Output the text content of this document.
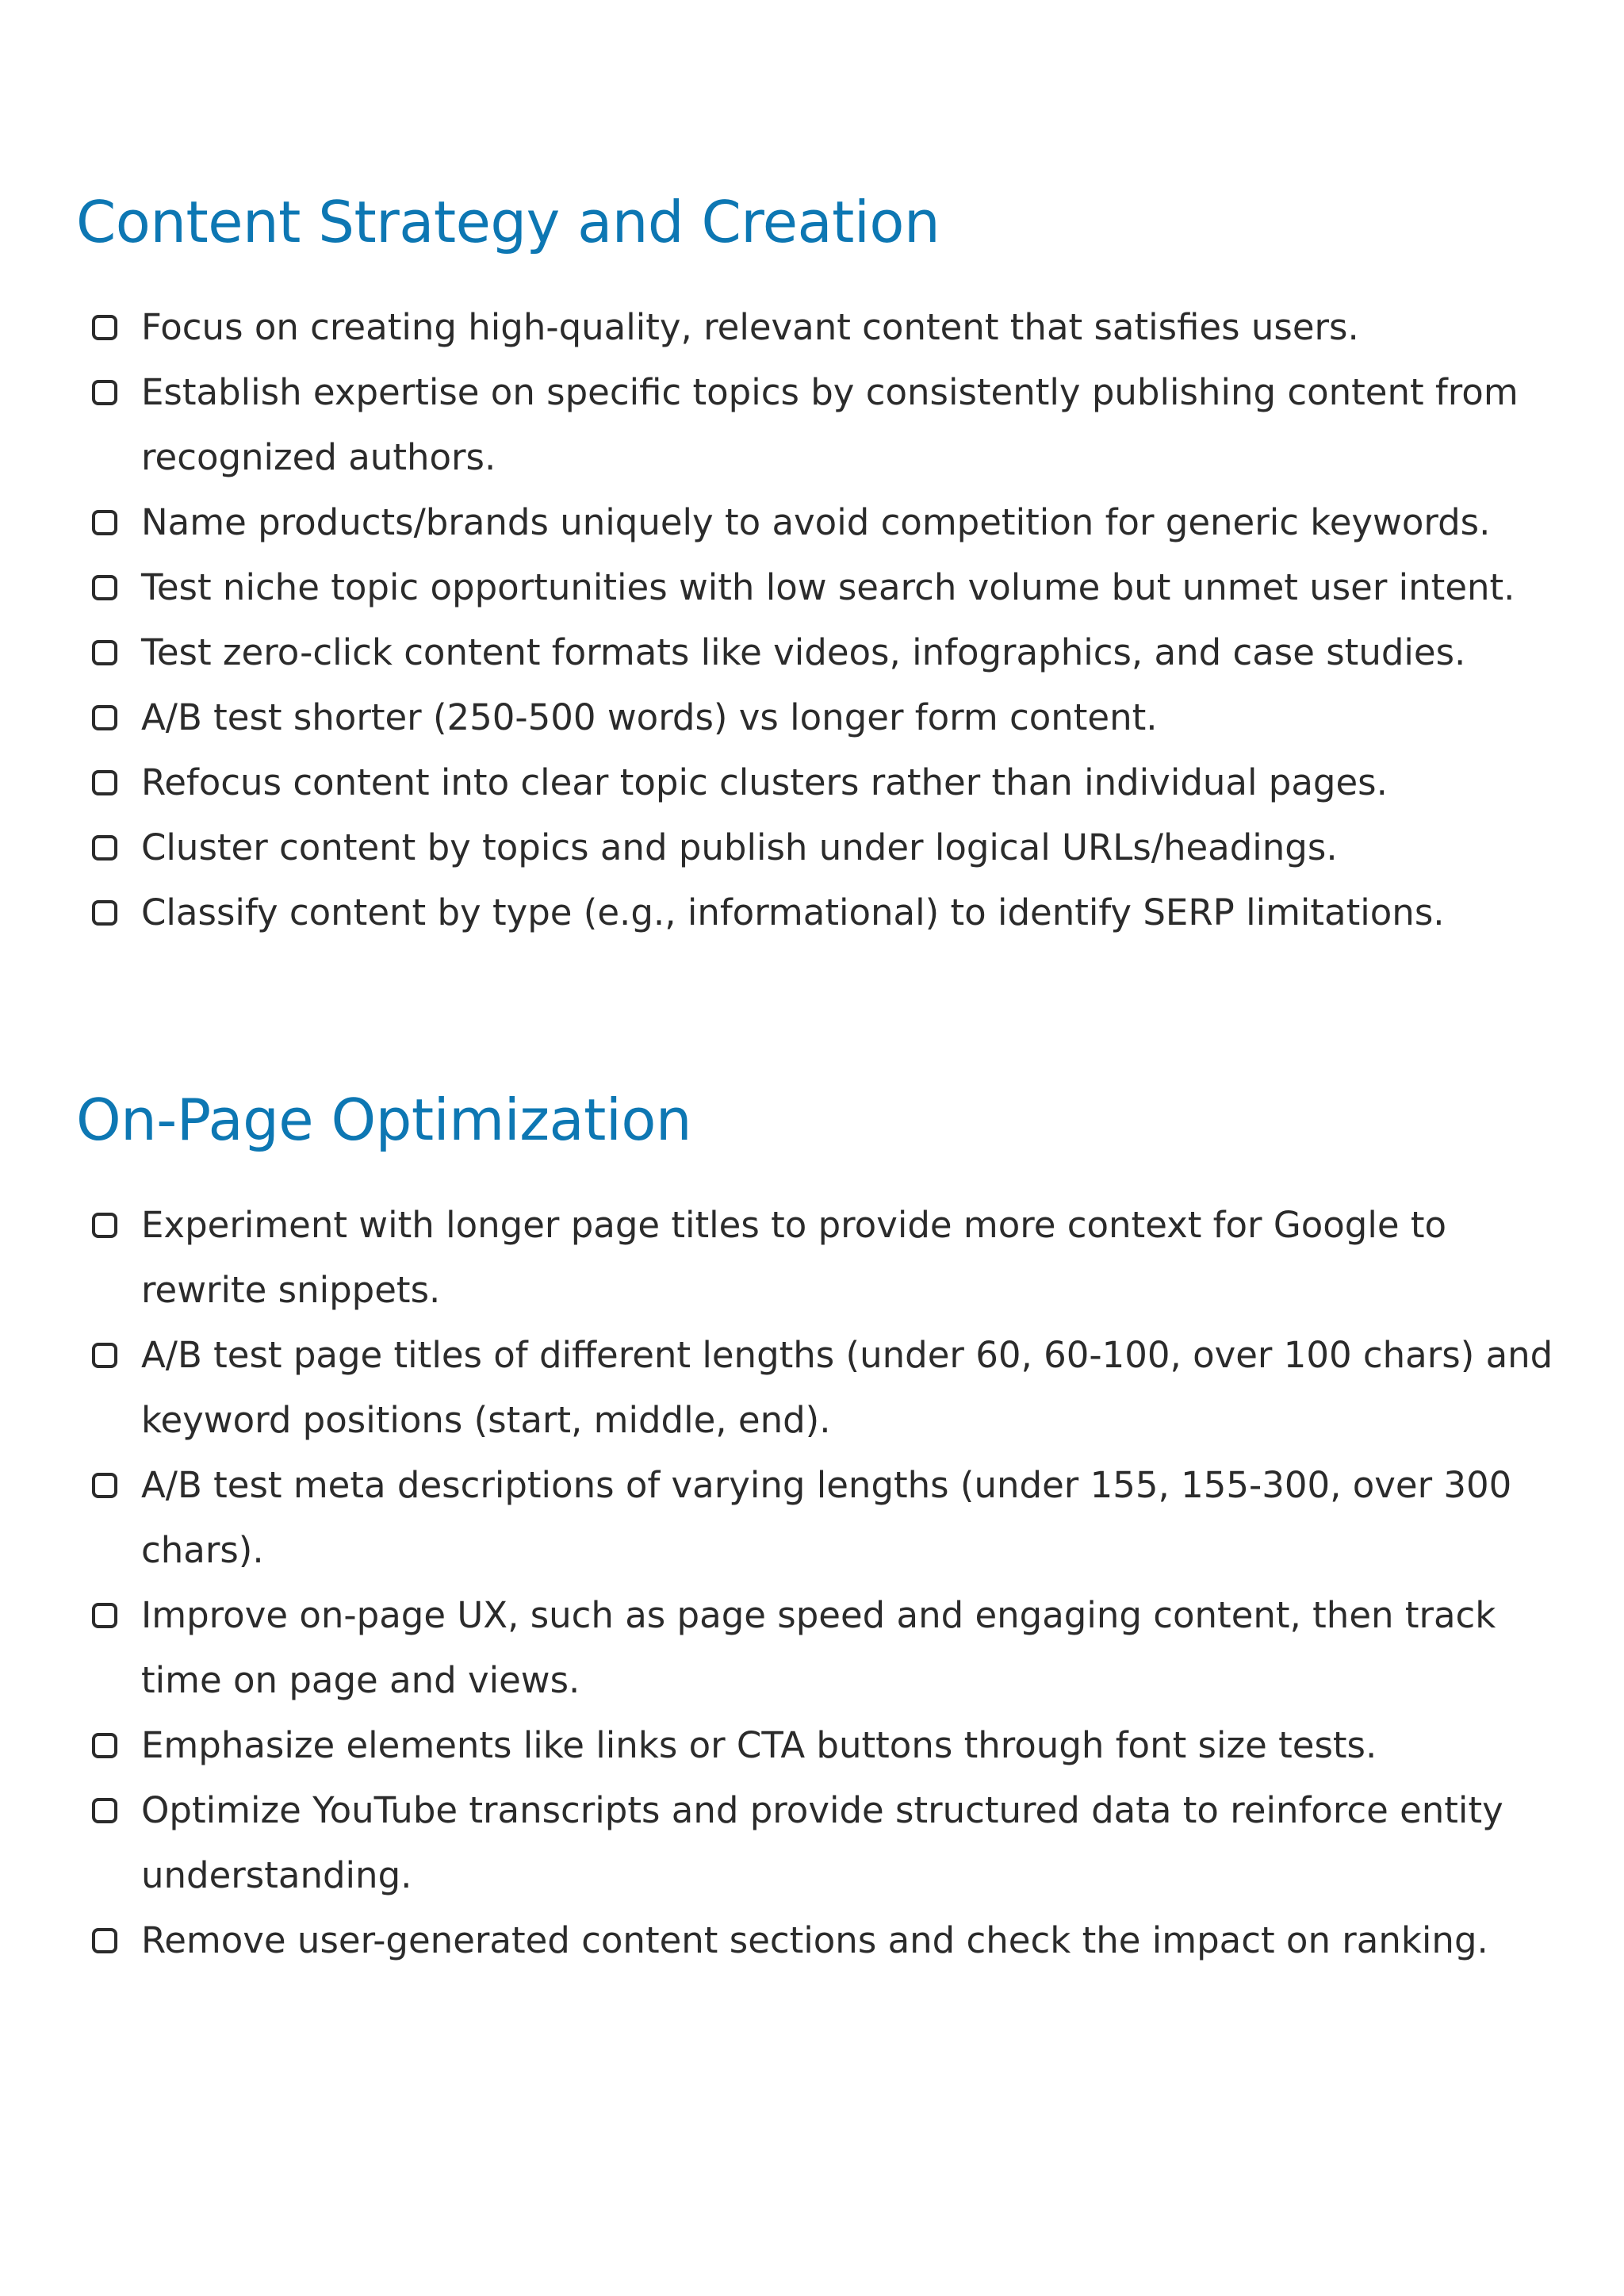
Content Strategy and Creation
Focus on creating high-quality, relevant content that satisfies users.
Establish expertise on specific topics by consistently publishing content from recognized authors.
Name products/brands uniquely to avoid competition for generic keywords.
Test niche topic opportunities with low search volume but unmet user intent.
Test zero-click content formats like videos, infographics, and case studies.
A/B test shorter (250-500 words) vs longer form content.
Refocus content into clear topic clusters rather than individual pages.
Cluster content by topics and publish under logical URLs/headings.
Classify content by type (e.g., informational) to identify SERP limitations.
On-Page Optimization
Experiment with longer page titles to provide more context for Google to rewrite snippets.
A/B test page titles of different lengths (under 60, 60-100, over 100 chars) and keyword positions (start, middle, end).
A/B test meta descriptions of varying lengths (under 155, 155-300, over 300 chars).
Improve on-page UX, such as page speed and engaging content, then track time on page and views.
Emphasize elements like links or CTA buttons through font size tests.
Optimize YouTube transcripts and provide structured data to reinforce entity understanding.
Remove user-generated content sections and check the impact on ranking.
